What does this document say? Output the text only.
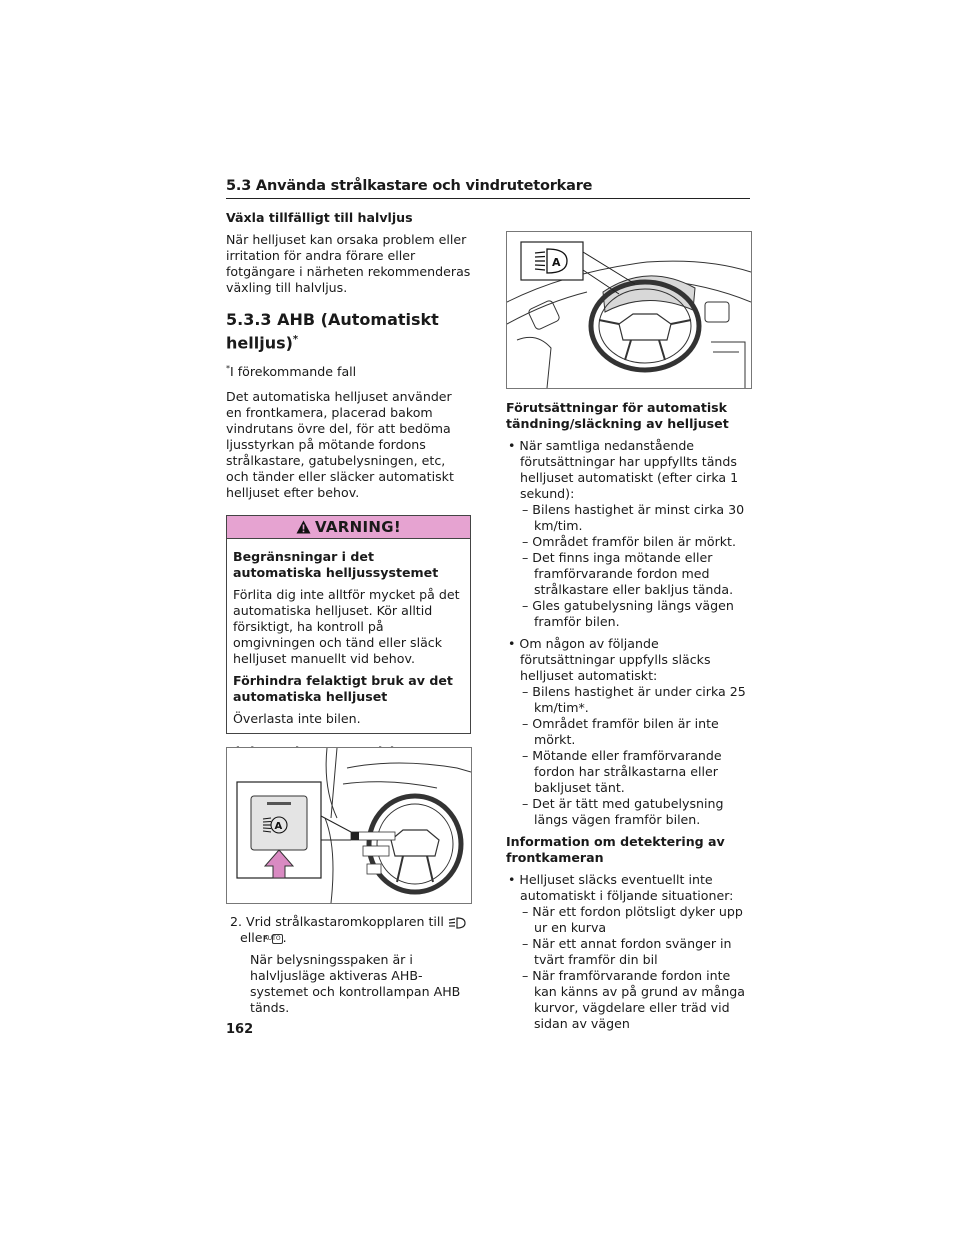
5.3 Använda strålkastare och vindrutetorkare

Växla tillfälligt till halvljus

När helljuset kan orsaka problem eller irritation för andra förare eller fotgängare i närheten rekommenderas växling till halvljus.

5.3.3 AHB (Automatiskt helljus)*

*I förekommande fall

Det automatiska helljuset använder en frontkamera, placerad bakom vindrutans övre del, för att bedöma ljusstyrkan på mötande fordons strålkastare, gatubelysningen, etc, och tänder eller släcker automatiskt helljuset efter behov.

VARNING!

Begränsningar i det automatiska helljussystemet

Förlita dig inte alltför mycket på det automatiska helljuset. Kör alltid försiktigt, ha kontroll på omgivningen och tänd eller släck helljuset manuellt vid behov.

Förhindra felaktigt bruk av det automatiska helljuset

Överlasta inte bilen.

2. Vrid strålkastaromkopplaren till
eller AUTO .

När belysningsspaken är i halvljusläge aktiveras AHB-systemet och kontrollampan AHB tänds.

A
A

Förutsättningar för automatisk tändning/släckning av helljuset

• När samtliga nedanstående förutsättningar har uppfyllts tänds helljuset automatiskt (efter cirka 1 sekund):

– Bilens hastighet är minst cirka 30 km/tim.

– Området framför bilen är mörkt.

– Det finns inga mötande eller framförvarande fordon med strålkastare eller bakljus tända.

– Gles gatubelysning längs vägen framför bilen.

• Om någon av följande förutsättningar uppfylls släcks helljuset automatiskt:

– Bilens hastighet är under cirka 25 km/tim*.

– Området framför bilen är inte mörkt.

– Mötande eller framförvarande fordon har strålkastarna eller bakljuset tänt.

– Det är tätt med gatubelysning längs vägen framför bilen.

Information om detektering av frontkameran

• Helljuset släcks eventuellt inte automatiskt i följande situationer:

– När ett fordon plötsligt dyker upp ur en kurva

– När ett annat fordon svänger in tvärt framför din bil

– När framförvarande fordon inte kan känns av på grund av många kurvor, vägdelare eller träd vid sidan av vägen

162
